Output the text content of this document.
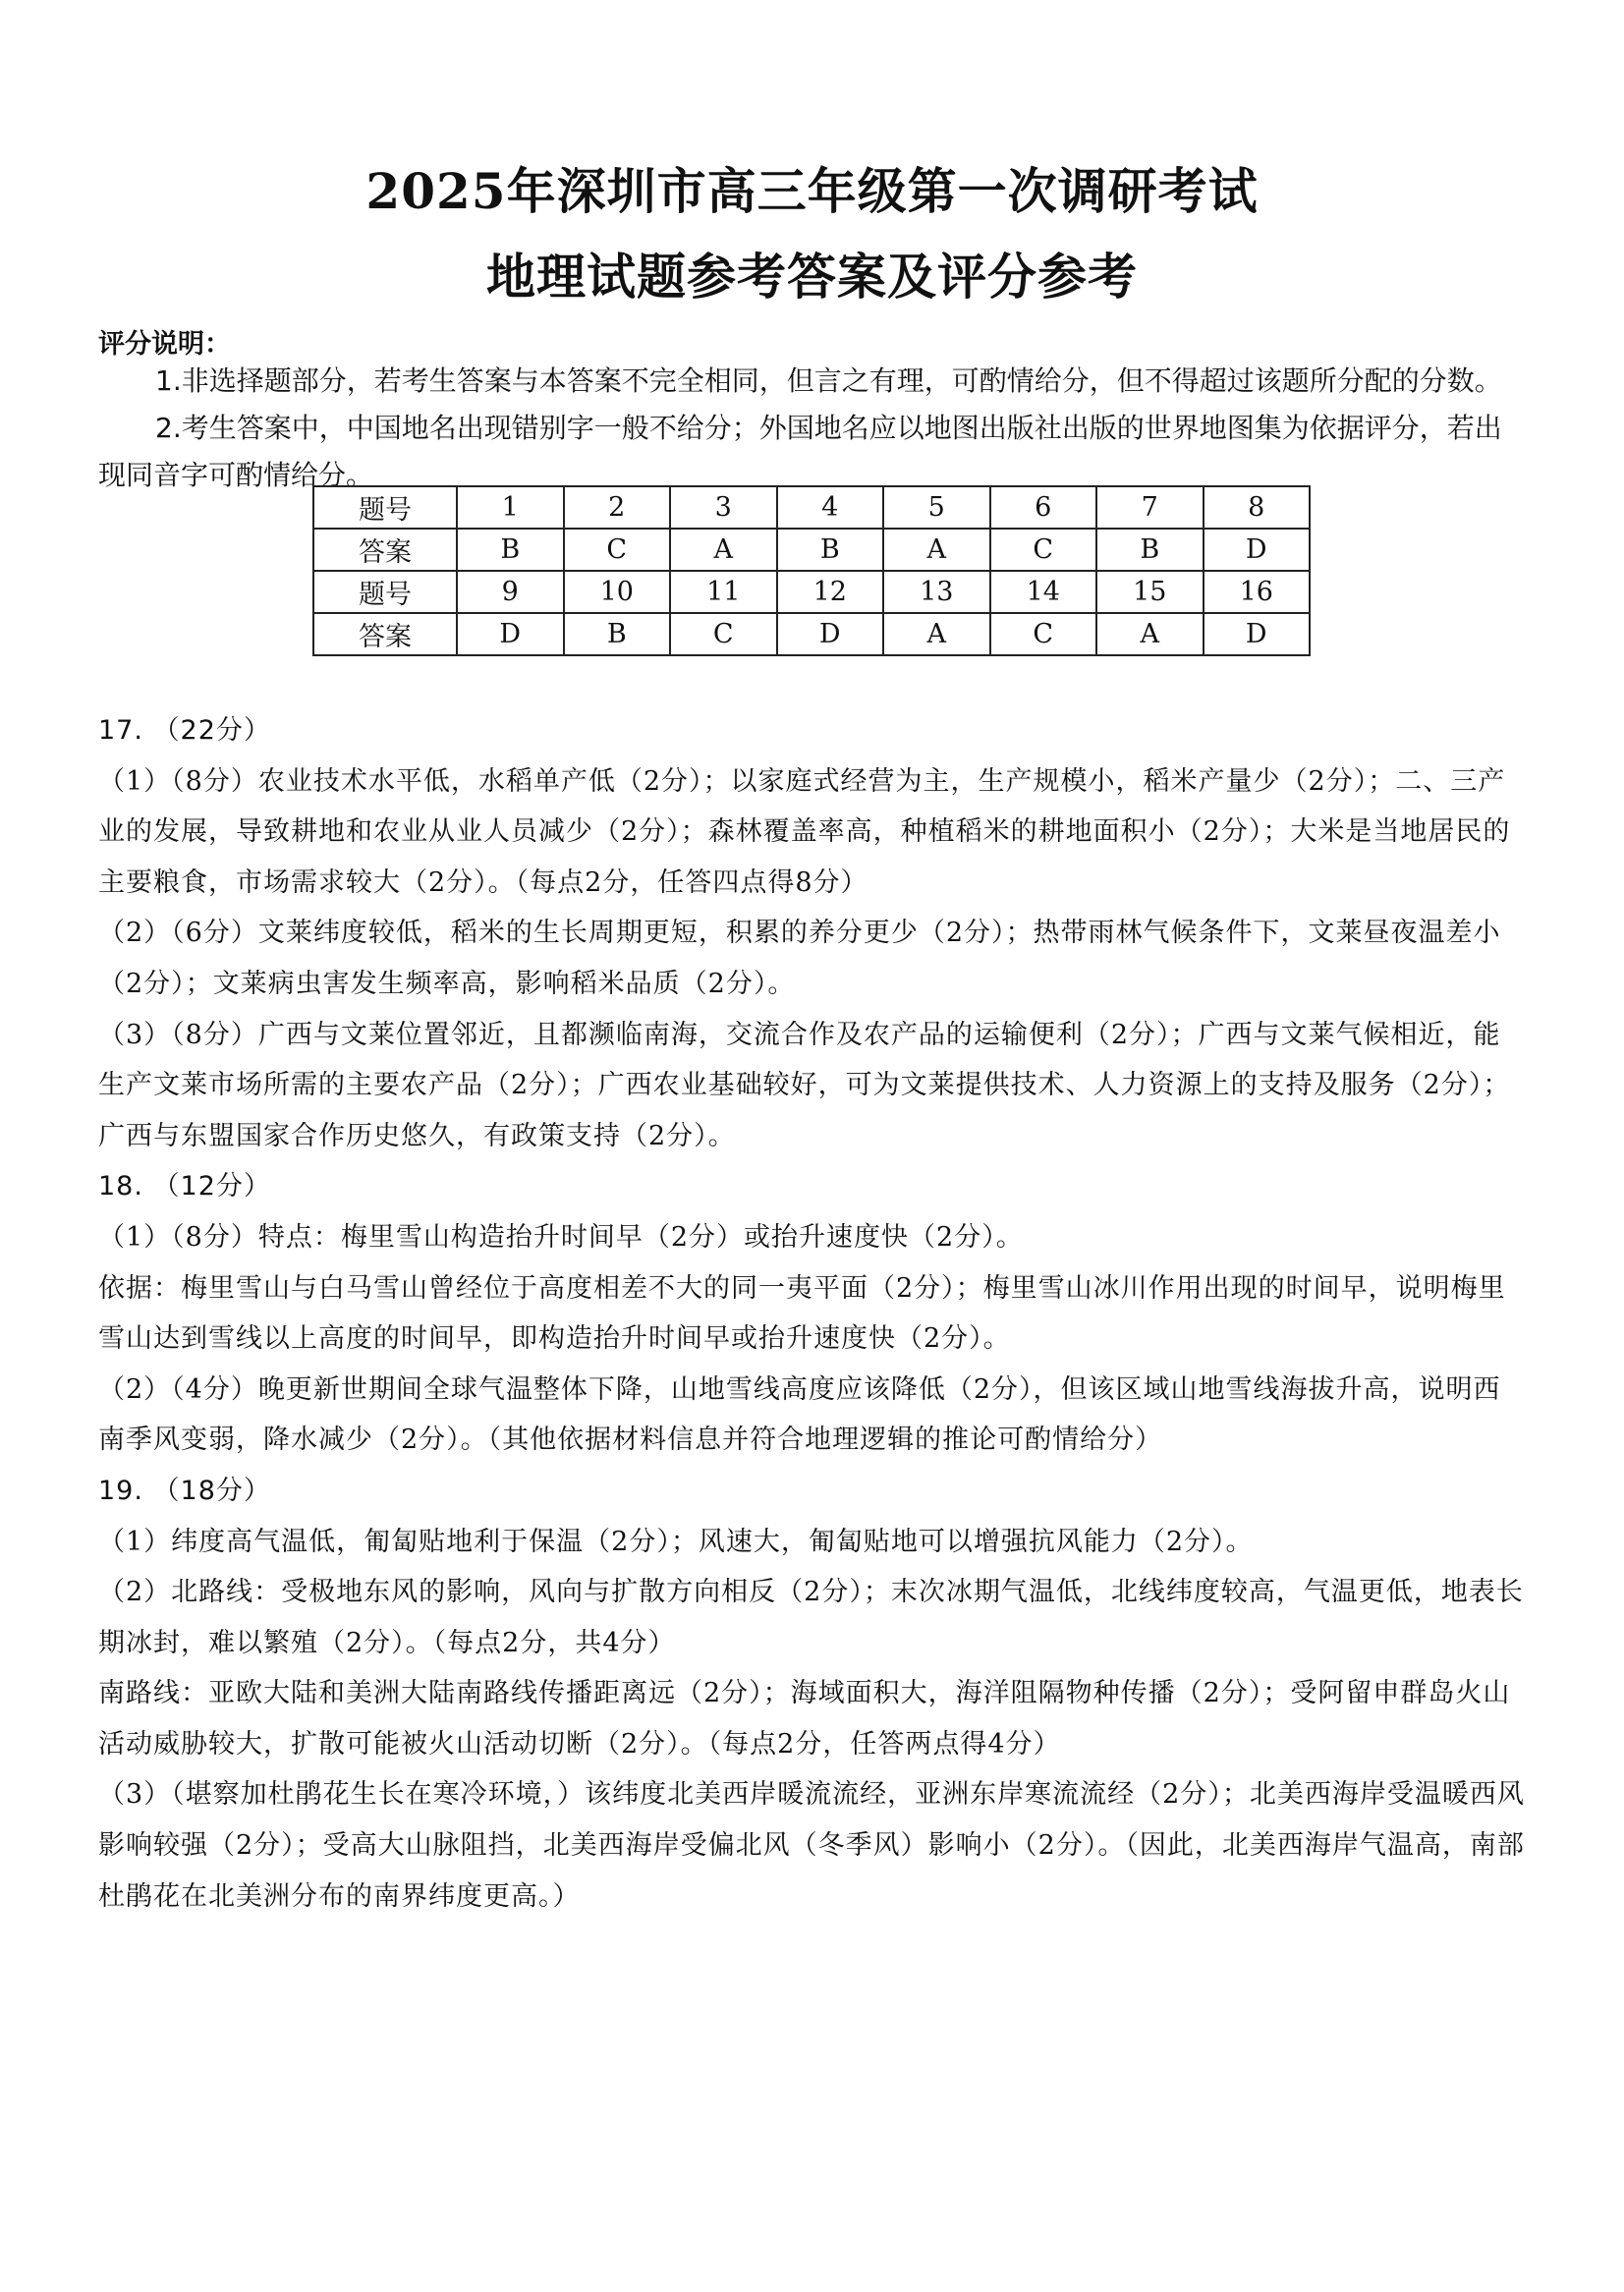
2025年深圳市高三年级第一次调研考试
地理试题参考答案及评分参考
评分说明：
1.非选择题部分，若考生答案与本答案不完全相同，但言之有理，可酌情给分，但不得超过该题所分配的分数。
2.考生答案中，中国地名出现错别字一般不给分；外国地名应以地图出版社出版的世界地图集为依据评分，若出现同音字可酌情给分。
题号	1	2	3	4	5	6	7	8
答案	B	C	A	B	A	C	B	D
题号	9	10	11	12	13	14	15	16
答案	D	B	C	D	A	C	A	D

17. （22分）

（1）（8分）农业技术水平低，水稻单产低（2分）；以家庭式经营为主，生产规模小，稻米产量少（2分）；二、三产业的发展，导致耕地和农业从业人员减少（2分）；森林覆盖率高，种植稻米的耕地面积小（2分）；大米是当地居民的主要粮食，市场需求较大（2分）。（每点2分，任答四点得8分）

（2）（6分）文莱纬度较低，稻米的生长周期更短，积累的养分更少（2分）；热带雨林气候条件下，文莱昼夜温差小（2分）；文莱病虫害发生频率高，影响稻米品质（2分）。

（3）（8分）广西与文莱位置邻近，且都濒临南海，交流合作及农产品的运输便利（2分）；广西与文莱气候相近，能生产文莱市场所需的主要农产品（2分）；广西农业基础较好，可为文莱提供技术、人力资源上的支持及服务（2分）；广西与东盟国家合作历史悠久，有政策支持（2分）。

18. （12分）

（1）（8分）特点：梅里雪山构造抬升时间早（2分）或抬升速度快（2分）。

依据：梅里雪山与白马雪山曾经位于高度相差不大的同一夷平面（2分）；梅里雪山冰川作用出现的时间早，说明梅里雪山达到雪线以上高度的时间早，即构造抬升时间早或抬升速度快（2分）。

（2）（4分）晚更新世期间全球气温整体下降，山地雪线高度应该降低（2分），但该区域山地雪线海拔升高，说明西南季风变弱，降水减少（2分）。（其他依据材料信息并符合地理逻辑的推论可酌情给分）

19. （18分）

（1）纬度高气温低，匍匐贴地利于保温（2分）；风速大，匍匐贴地可以增强抗风能力（2分）。

（2）北路线：受极地东风的影响，风向与扩散方向相反（2分）；末次冰期气温低，北线纬度较高，气温更低，地表长期冰封，难以繁殖（2分）。（每点2分，共4分）

南路线：亚欧大陆和美洲大陆南路线传播距离远（2分）；海域面积大，海洋阻隔物种传播（2分）；受阿留申群岛火山活动威胁较大，扩散可能被火山活动切断（2分）。（每点2分，任答两点得4分）

（3）（堪察加杜鹃花生长在寒冷环境，）该纬度北美西岸暖流流经，亚洲东岸寒流流经（2分）；北美西海岸受温暖西风影响较强（2分）；受高大山脉阻挡，北美西海岸受偏北风（冬季风）影响小（2分）。（因此，北美西海岸气温高，南部杜鹃花在北美洲分布的南界纬度更高。）
